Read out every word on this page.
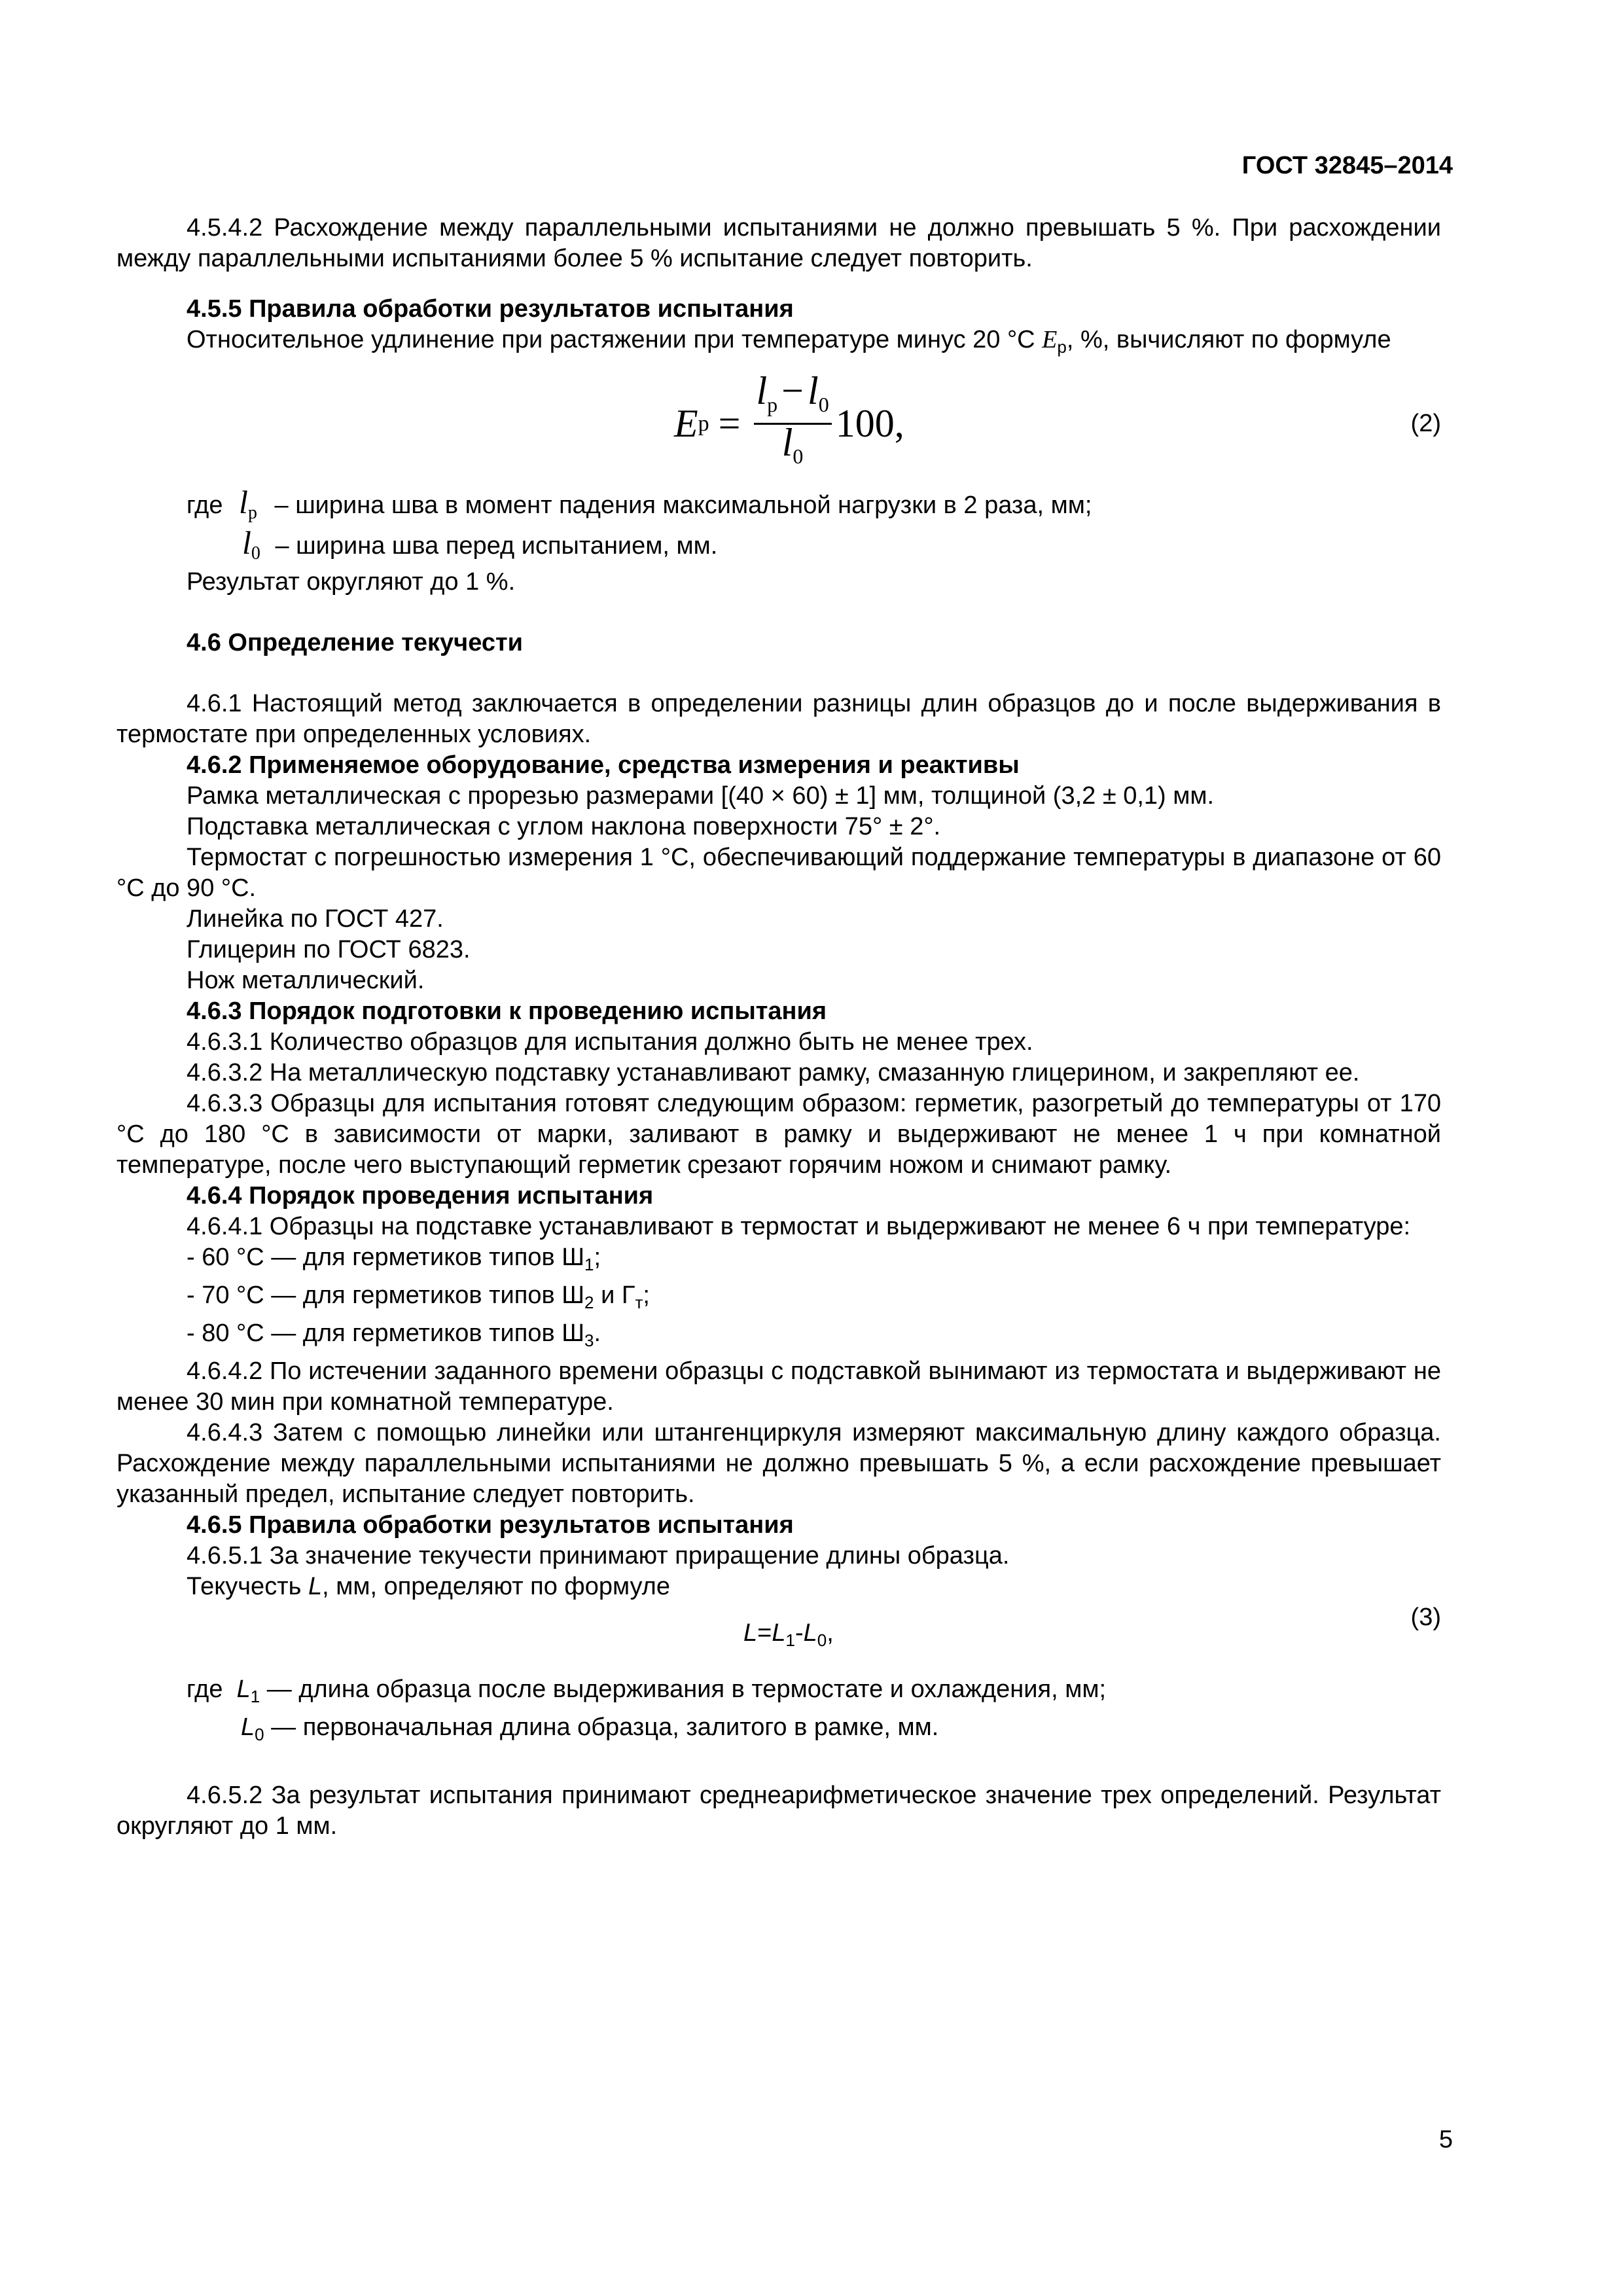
ГОСТ 32845–2014

4.5.4.2 Расхождение между параллельными испытаниями не должно превышать 5 %. При расхождении между параллельными испытаниями более 5 % испытание следует повторить.

4.5.5 Правила обработки результатов испытания

Относительное удлинение при растяжении при температуре минус 20 °С $E_р$, %, вычисляют по формуле

E $р = \frac{l_р - l_0}{l_0} 100$,	(2)
где $l_р$ – ширина шва в момент падения максимальной нагрузки в 2 раза, мм;
$l_0$ – ширина шва перед испытанием, мм.

Результат округляют до 1 %.

4.6 Определение текучести

4.6.1 Настоящий метод заключается в определении разницы длин образцов до и после выдерживания в термостате при определенных условиях.

4.6.2 Применяемое оборудование, средства измерения и реактивы

Рамка металлическая с прорезью размерами [(40 × 60) ± 1] мм, толщиной (3,2 ± 0,1) мм.

Подставка металлическая с углом наклона поверхности 75° ± 2°.

Термостат с погрешностью измерения 1 °С, обеспечивающий поддержание температуры в диапазоне от 60 °С до 90 °С.

Линейка по ГОСТ 427.

Глицерин по ГОСТ 6823.

Нож металлический.

4.6.3 Порядок подготовки к проведению испытания

4.6.3.1 Количество образцов для испытания должно быть не менее трех.

4.6.3.2 На металлическую подставку устанавливают рамку, смазанную глицерином, и закрепляют ее.

4.6.3.3 Образцы для испытания готовят следующим образом: герметик, разогретый до температуры от 170 °С до 180 °С в зависимости от марки, заливают в рамку и выдерживают не менее 1 ч при комнатной температуре, после чего выступающий герметик срезают горячим ножом и снимают рамку.

4.6.4 Порядок проведения испытания

4.6.4.1 Образцы на подставке устанавливают в термостат и выдерживают не менее 6 ч при температуре:

- 60 °С — для герметиков типов $Ш_1$;

- 70 °С — для герметиков типов $Ш_2$ и $Г_т$;

- 80 °С — для герметиков типов $Ш_3$.

4.6.4.2 По истечении заданного времени образцы с подставкой вынимают из термостата и выдерживают не менее 30 мин при комнатной температуре.

4.6.4.3 Затем с помощью линейки или штангенциркуля измеряют максимальную длину каждого образца. Расхождение между параллельными испытаниями не должно превышать 5 %, а если расхождение превышает указанный предел, испытание следует повторить.

4.6.5 Правила обработки результатов испытания

4.6.5.1 За значение текучести принимают приращение длины образца.

Текучесть L, мм, определяют по формуле

$L=L_1-L_0$,
(3)

где $L_1$ — длина образца после выдерживания в термостате и охлаждения, мм;

$L_0$ — первоначальная длина образца, залитого в рамке, мм.

4.6.5.2 За результат испытания принимают среднеарифметическое значение трех определений. Результат округляют до 1 мм.

5
